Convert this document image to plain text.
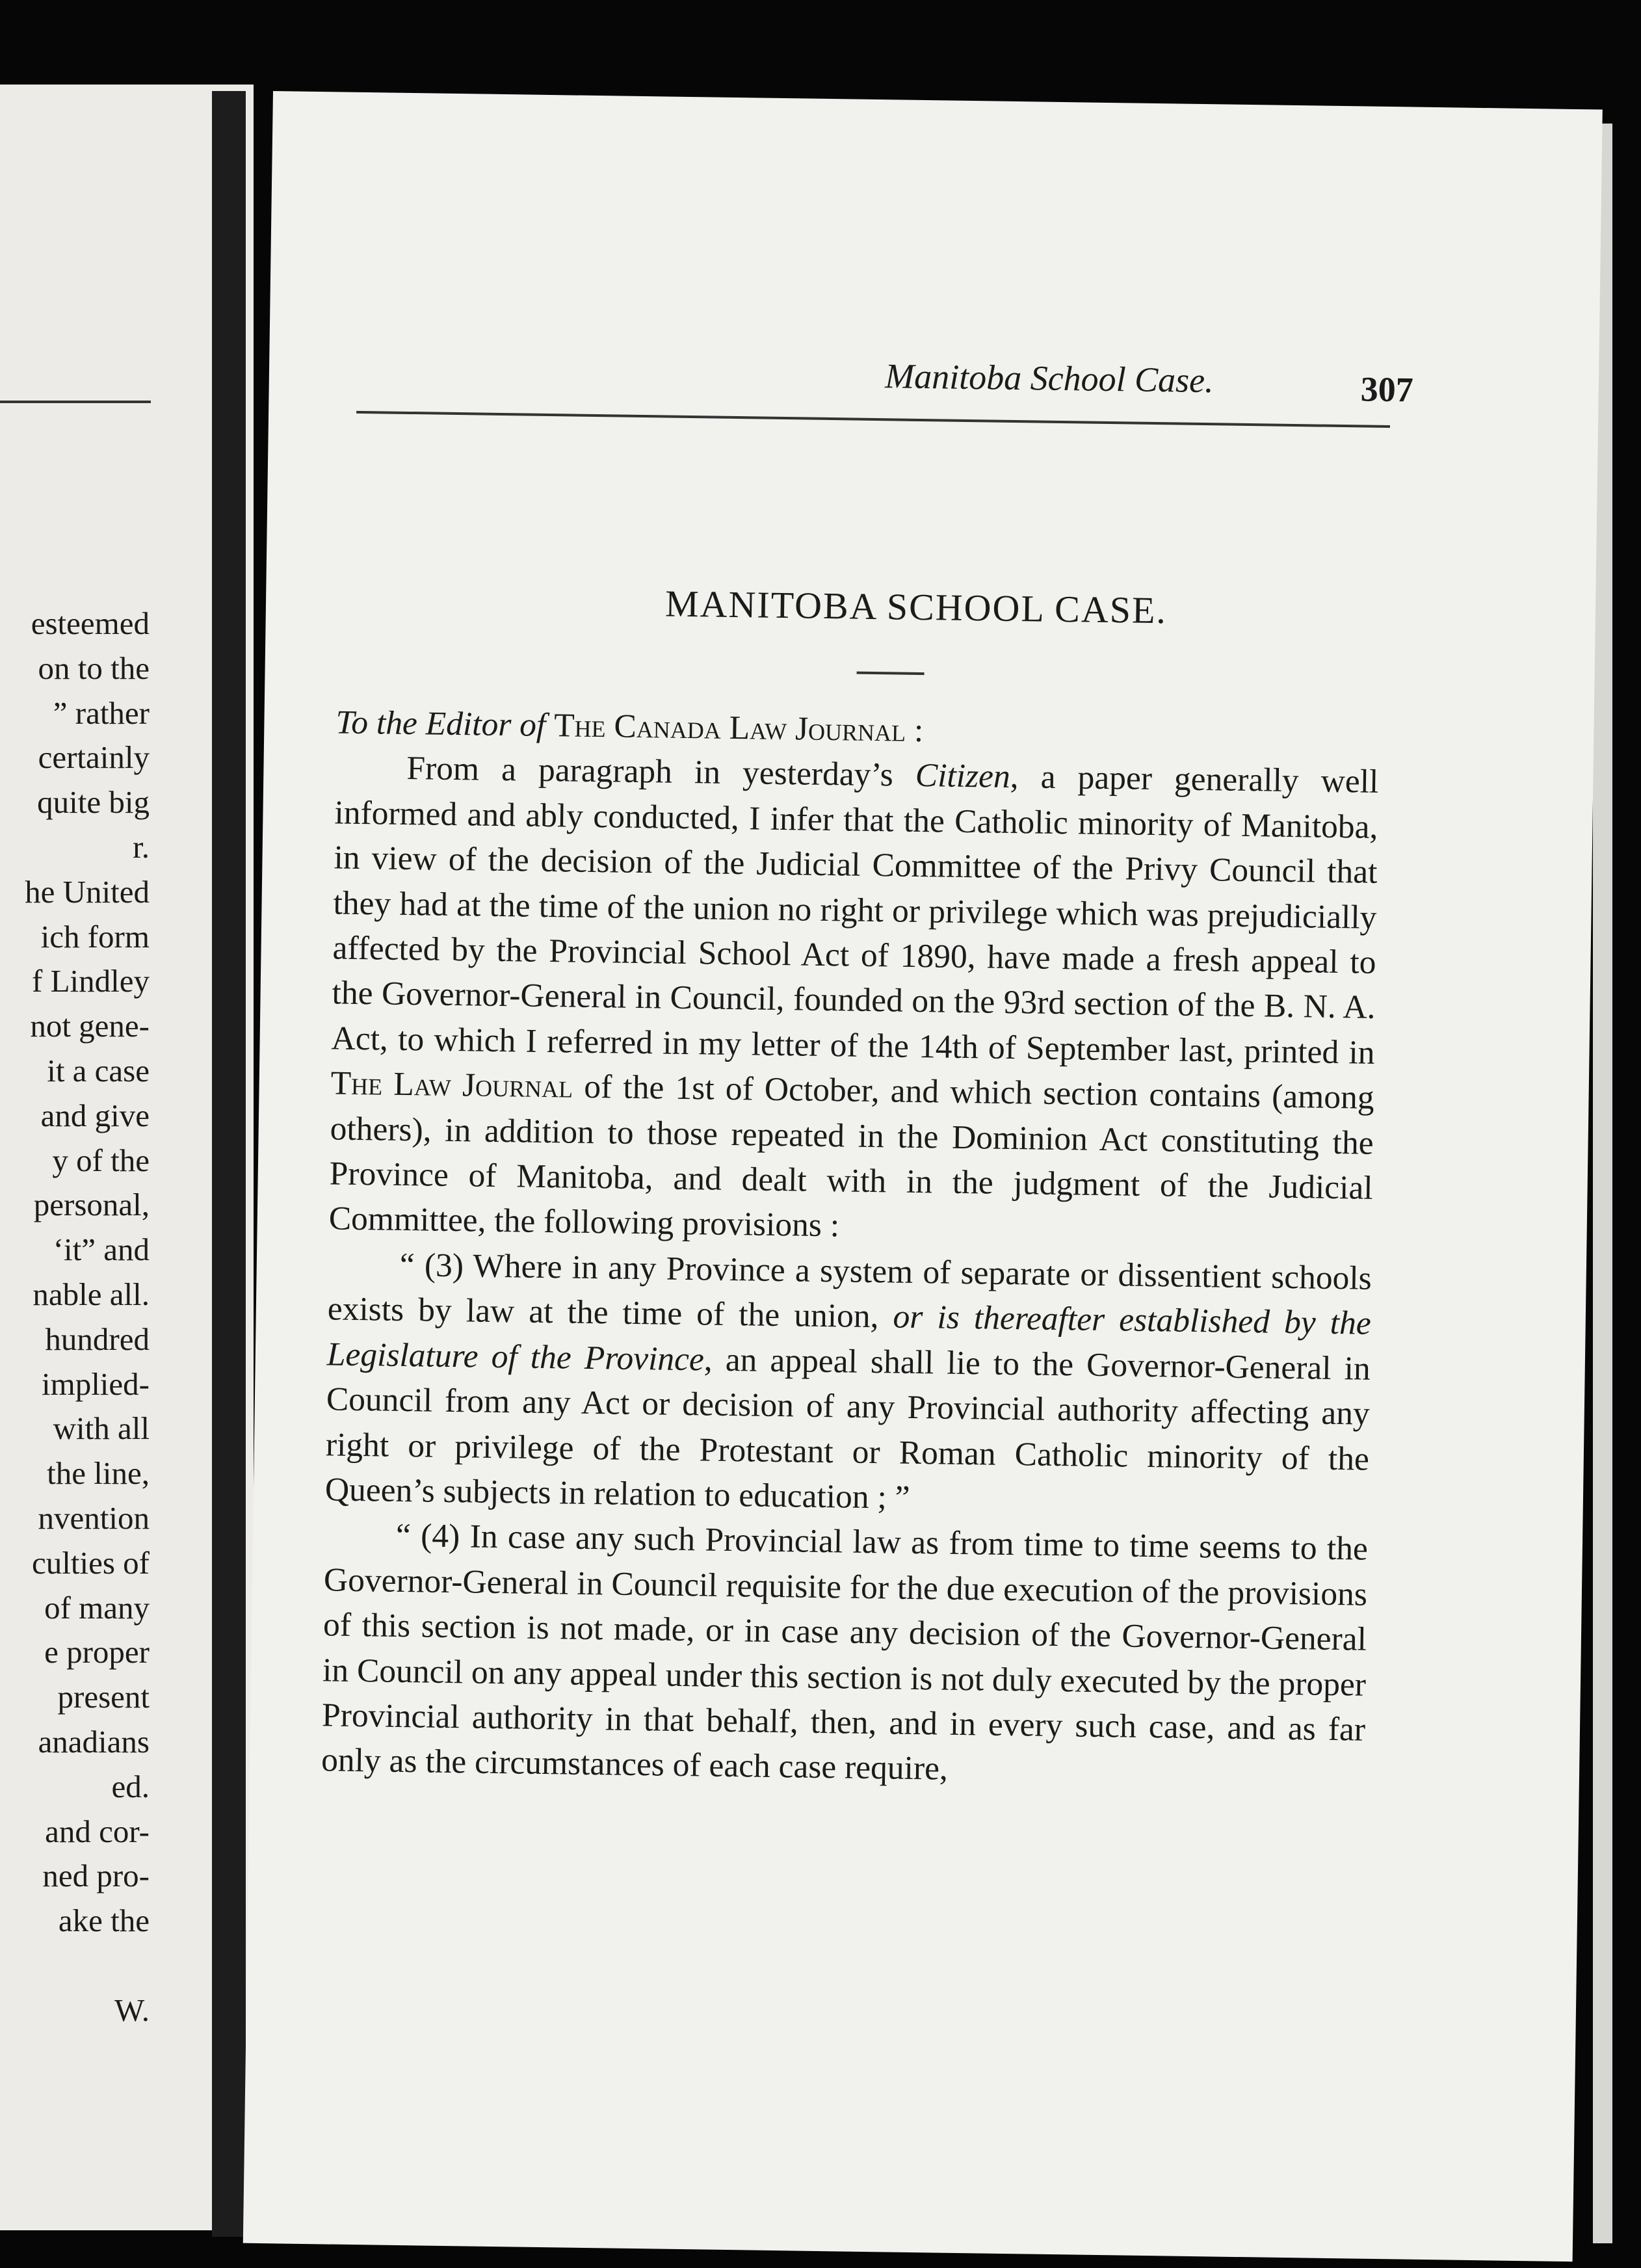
esteemed
on to the
” rather
certainly
quite big
r.
he United
ich form
f Lindley
not gene-
it a case
and give
y of the
personal,
‘it” and
nable all.
hundred
implied-
with all
the line,
nvention
culties of
of many
e proper
present
anadians
ed.
and cor-
ned pro-
ake the
W.
Manitoba School Case.	307
MANITOBA SCHOOL CASE.

To the Editor of The Canada Law Journal :

From a paragraph in yesterday’s Citizen, a paper generally well informed and ably conducted, I infer that the Catholic minority of Manitoba, in view of the decision of the Judicial Committee of the Privy Council that they had at the time of the union no right or privilege which was prejudicially affected by the Provincial School Act of 1890, have made a fresh appeal to the Governor-General in Council, founded on the 93rd section of the B. N. A. Act, to which I referred in my letter of the 14th of September last, printed in The Law Journal of the 1st of October, and which section contains (among others), in addition to those repeated in the Dominion Act constituting the Province of Manitoba, and dealt with in the judgment of the Judicial Committee, the following provisions :

“ (3) Where in any Province a system of separate or dissentient schools exists by law at the time of the union, or is thereafter established by the Legislature of the Province, an appeal shall lie to the Governor-General in Council from any Act or decision of any Provincial authority affecting any right or privilege of the Protestant or Roman Catholic minority of the Queen’s subjects in relation to education ; ”

“ (4) In case any such Provincial law as from time to time seems to the Governor-General in Council requisite for the due execution of the provisions of this section is not made, or in case any decision of the Governor-General in Council on any appeal under this section is not duly executed by the proper Provincial authority in that behalf, then, and in every such case, and as far only as the circumstances of each case require,
